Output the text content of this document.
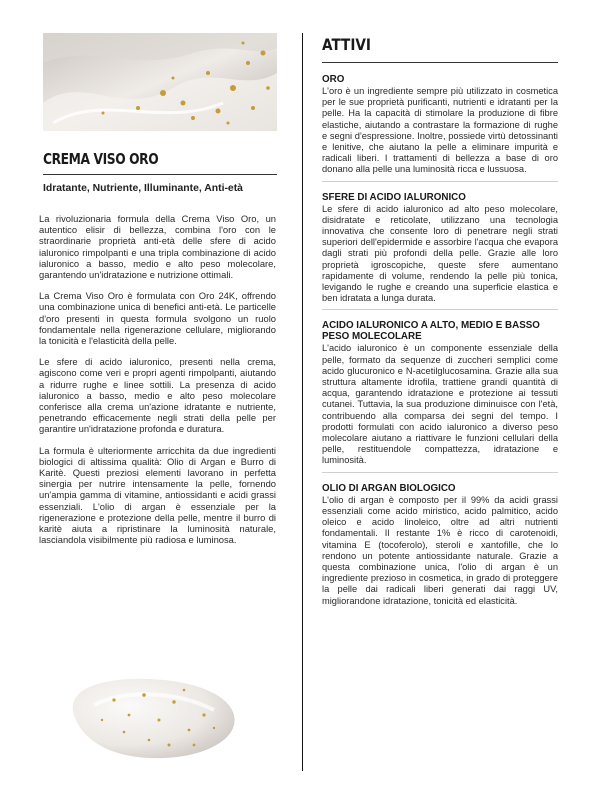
CREMA VISO ORO
Idratante, Nutriente, Illuminante, Anti-età

La rivoluzionaria formula della Crema Viso Oro, un autentico elisir di bellezza, combina l'oro con le straordinarie proprietà anti-età delle sfere di acido ialuronico rimpolpanti e una tripla combinazione di acido ialuronico a basso, medio e alto peso molecolare, garantendo un'idratazione e nutrizione ottimali.

La Crema Viso Oro è formulata con Oro 24K, offrendo una combinazione unica di benefici anti-età. Le particelle d'oro presenti in questa formula svolgono un ruolo fondamentale nella rigenerazione cellulare, migliorando la tonicità e l'elasticità della pelle.

Le sfere di acido ialuronico, presenti nella crema, agiscono come veri e propri agenti rimpolpanti, aiutando a ridurre rughe e linee sottili. La presenza di acido ialuronico a basso, medio e alto peso molecolare conferisce alla crema un'azione idratante e nutriente, penetrando efficacemente negli strati della pelle per garantire un'idratazione profonda e duratura.

La formula è ulteriormente arricchita da due ingredienti biologici di altissima qualità: Olio di Argan e Burro di Karitè. Questi preziosi elementi lavorano in perfetta sinergia per nutrire intensamente la pelle, fornendo un'ampia gamma di vitamine, antiossidanti e acidi grassi essenziali. L'olio di argan è essenziale per la rigenerazione e protezione della pelle, mentre il burro di karitè aiuta a ripristinare la luminosità naturale, lasciandola visibilmente più radiosa e luminosa.

ATTIVI
ORO

L'oro è un ingrediente sempre più utilizzato in cosmetica per le sue proprietà purificanti, nutrienti e idratanti per la pelle. Ha la capacità di stimolare la produzione di fibre elastiche, aiutando a contrastare la formazione di rughe e segni d'espressione. Inoltre, possiede virtù detossinanti e lenitive, che aiutano la pelle a eliminare impurità e radicali liberi. I trattamenti di bellezza a base di oro donano alla pelle una luminosità ricca e lussuosa.

SFERE DI ACIDO IALURONICO

Le sfere di acido ialuronico ad alto peso molecolare, disidratate e reticolate, utilizzano una tecnologia innovativa che consente loro di penetrare negli strati superiori dell'epidermide e assorbire l'acqua che evapora dagli strati più profondi della pelle. Grazie alle loro proprietà igroscopiche, queste sfere aumentano rapidamente di volume, rendendo la pelle più tonica, levigando le rughe e creando una superficie elastica e ben idratata a lunga durata.

ACIDO IALURONICO A ALTO, MEDIO E BASSO PESO MOLECOLARE

L'acido ialuronico è un componente essenziale della pelle, formato da sequenze di zuccheri semplici come acido glucuronico e N-acetilglucosamina. Grazie alla sua struttura altamente idrofila, trattiene grandi quantità di acqua, garantendo idratazione e protezione ai tessuti cutanei. Tuttavia, la sua produzione diminuisce con l'età, contribuendo alla comparsa dei segni del tempo. I prodotti formulati con acido ialuronico a diverso peso molecolare aiutano a riattivare le funzioni cellulari della pelle, restituendole compattezza, idratazione e luminosità.

OLIO DI ARGAN BIOLOGICO

L'olio di argan è composto per il 99% da acidi grassi essenziali come acido miristico, acido palmitico, acido oleico e acido linoleico, oltre ad altri nutrienti fondamentali. Il restante 1% è ricco di carotenoidi, vitamina E (tocoferolo), steroli e xantofille, che lo rendono un potente antiossidante naturale. Grazie a questa combinazione unica, l'olio di argan è un ingrediente prezioso in cosmetica, in grado di proteggere la pelle dai radicali liberi generati dai raggi UV, migliorandone idratazione, tonicità ed elasticità.
